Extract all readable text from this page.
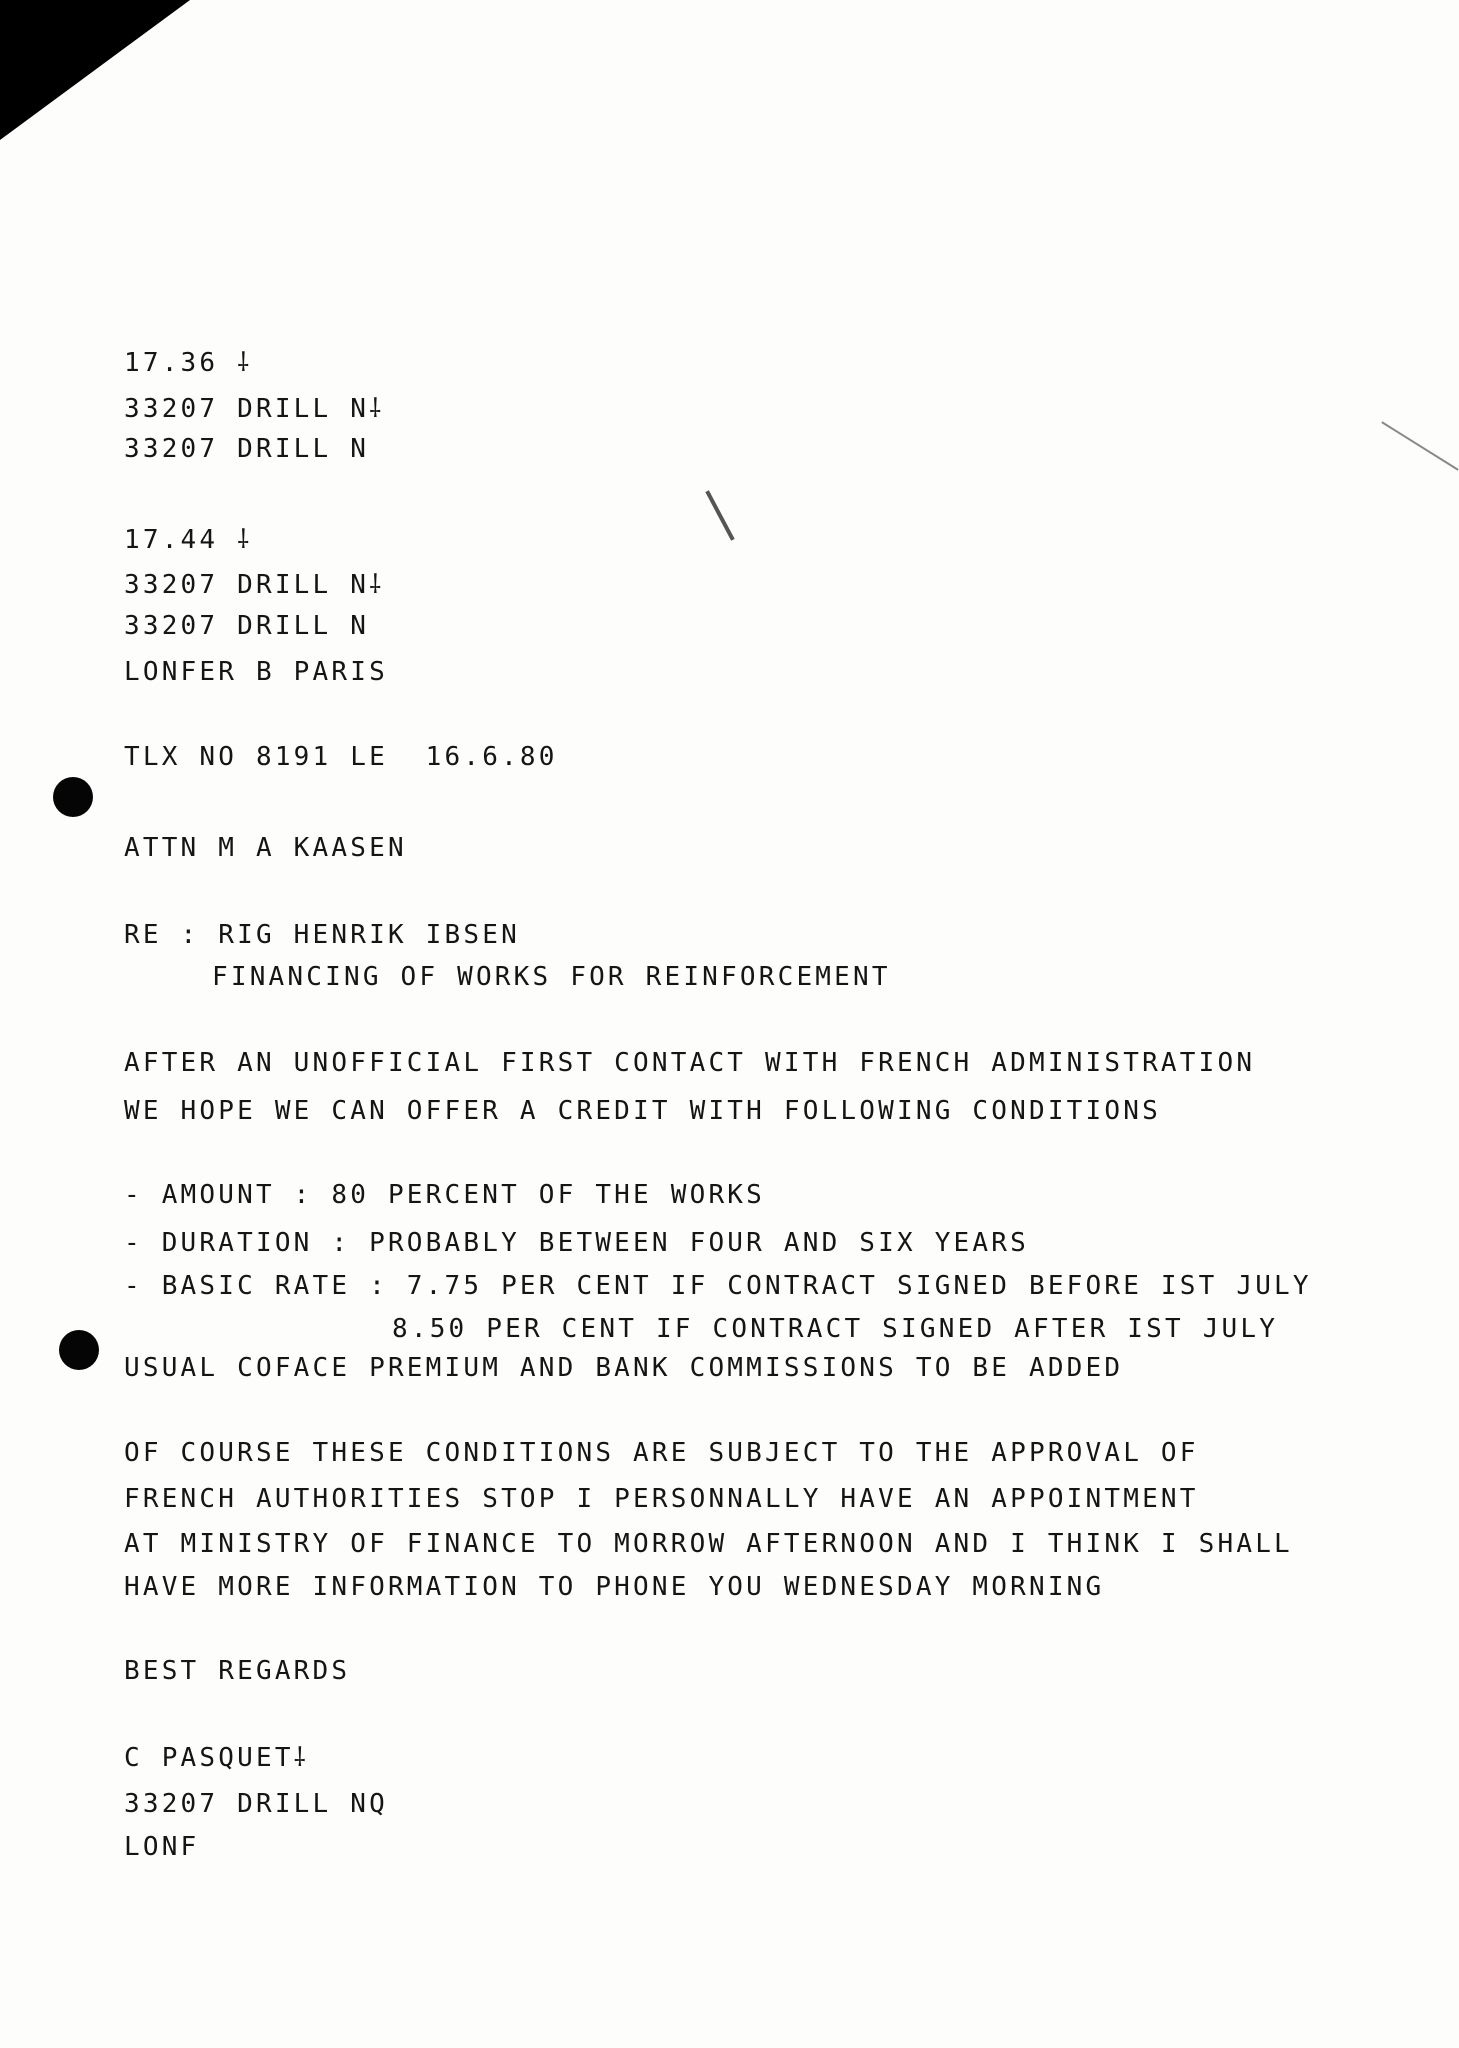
17.36 ⸸
33207 DRILL N⸸
33207 DRILL N
17.44 ⸸
33207 DRILL N⸸
33207 DRILL N
LONFER B PARIS
TLX NO 8191 LE  16.6.80
ATTN M A KAASEN
RE : RIG HENRIK IBSEN
FINANCING OF WORKS FOR REINFORCEMENT
AFTER AN UNOFFICIAL FIRST CONTACT WITH FRENCH ADMINISTRATION
WE HOPE WE CAN OFFER A CREDIT WITH FOLLOWING CONDITIONS
- AMOUNT : 80 PERCENT OF THE WORKS
- DURATION : PROBABLY BETWEEN FOUR AND SIX YEARS
- BASIC RATE : 7.75 PER CENT IF CONTRACT SIGNED BEFORE IST JULY
8.50 PER CENT IF CONTRACT SIGNED AFTER IST JULY
USUAL COFACE PREMIUM AND BANK COMMISSIONS TO BE ADDED
OF COURSE THESE CONDITIONS ARE SUBJECT TO THE APPROVAL OF
FRENCH AUTHORITIES STOP I PERSONNALLY HAVE AN APPOINTMENT
AT MINISTRY OF FINANCE TO MORROW AFTERNOON AND I THINK I SHALL
HAVE MORE INFORMATION TO PHONE YOU WEDNESDAY MORNING
BEST REGARDS
C PASQUET⸸
33207 DRILL NQ
LONF
